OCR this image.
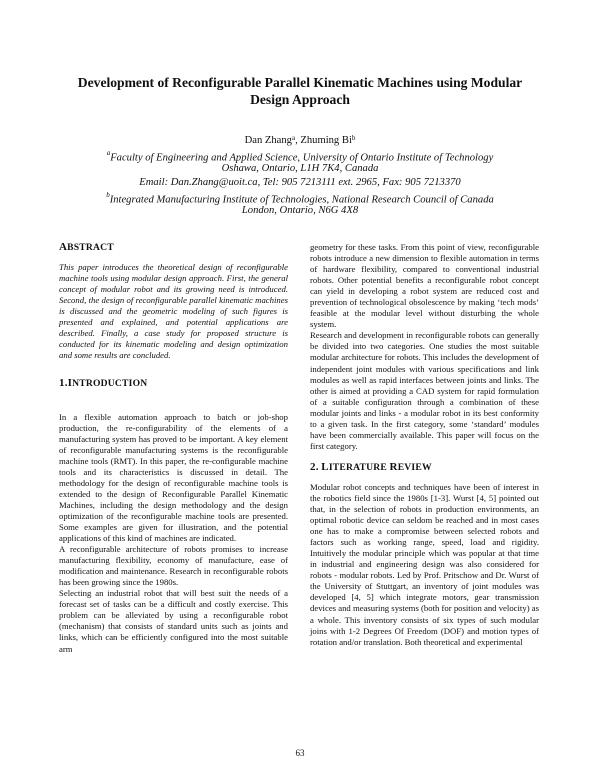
Development of Reconfigurable Parallel Kinematic Machines using Modular
Design Approach
Dan Zhang$^a$, Zhuming Bi$^b$
$^a$Faculty of Engineering and Applied Science, University of Ontario Institute of Technology
Oshawa, Ontario, L1H 7K4, Canada
Email: Dan.Zhang@uoit.ca, Tel: 905 7213111 ext. 2965, Fax: 905 7213370
$^b$Integrated Manufacturing Institute of Technologies, National Research Council of Canada
London, Ontario, N6G 4X8
ABSTRACT

This paper introduces the theoretical design of reconfigurable machine tools using modular design approach. First, the general concept of modular robot and its growing need is introduced. Second, the design of reconfigurable parallel kinematic machines is discussed and the geometric modeling of such figures is presented and explained, and potential applications are described. Finally, a case study for proposed structure is conducted for its kinematic modeling and design optimization and some results are concluded.

1.INTRODUCTION

In a flexible automation approach to batch or job-shop production, the re-configurability of the elements of a manufacturing system has proved to be important. A key element of reconfigurable manufacturing systems is the reconfigurable machine tools (RMT). In this paper, the re-configurable machine tools and its characteristics is discussed in detail. The methodology for the design of reconfigurable machine tools is extended to the design of Reconfigurable Parallel Kinematic Machines, including the design methodology and the design optimization of the reconfigurable machine tools are presented. Some examples are given for illustration, and the potential applications of this kind of machines are indicated.

A reconfigurable architecture of robots promises to increase manufacturing flexibility, economy of manufacture, ease of modification and maintenance. Research in reconfigurable robots has been growing since the 1980s.

Selecting an industrial robot that will best suit the needs of a forecast set of tasks can be a difficult and costly exercise. This problem can be alleviated by using a reconfigurable robot (mechanism) that consists of standard units such as joints and links, which can be efficiently configured into the most suitable arm

geometry for these tasks. From this point of view, reconfigurable robots introduce a new dimension to flexible automation in terms of hardware flexibility, compared to conventional industrial robots. Other potential benefits a reconfigurable robot concept can yield in developing a robot system are reduced cost and prevention of technological obsolescence by making ‘tech mods’ feasible at the modular level without disturbing the whole system.

Research and development in reconfigurable robots can generally be divided into two categories. One studies the most suitable modular architecture for robots. This includes the development of independent joint modules with various specifications and link modules as well as rapid interfaces between joints and links. The other is aimed at providing a CAD system for rapid formulation of a suitable configuration through a combination of these modular joints and links - a modular robot in its best conformity to a given task. In the first category, some ‘standard’ modules have been commercially available. This paper will focus on the first category.

2. LITERATURE REVIEW

Modular robot concepts and techniques have been of interest in the robotics field since the 1980s [1-3]. Wurst [4, 5] pointed out that, in the selection of robots in production environments, an optimal robotic device can seldom be reached and in most cases one has to make a compromise between selected robots and factors such as working range, speed, load and rigidity. Intuitively the modular principle which was popular at that time in industrial and engineering design was also considered for robots - modular robots. Led by Prof. Pritschow and Dr. Wurst of the University of Stuttgart, an inventory of joint modules was developed [4, 5] which integrate motors, gear transmission devices and measuring systems (both for position and velocity) as a whole. This inventory consists of six types of such modular joins with 1-2 Degrees Of Freedom (DOF) and motion types of rotation and/or translation. Both theoretical and experimental

63
